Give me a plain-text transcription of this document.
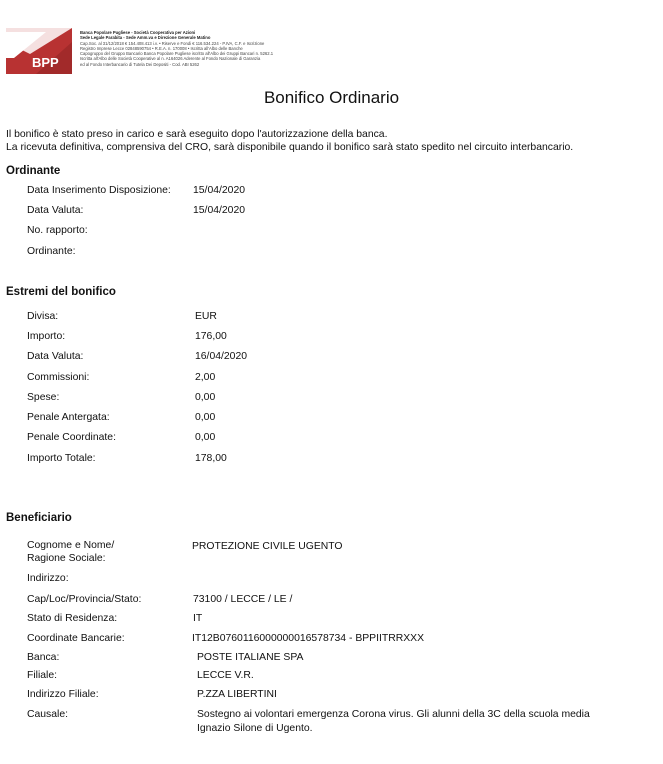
BPP
Banca Popolare Pugliese - Società Cooperativa per Azioni
Sede Legale Parabita - Sede Amm.va e Direzione Generale Matino
Cap.Soc. al 31/12/2018 € 154.408.413 i.v. • Riserve e Fondi € 116.534.224 - P.IVA, C.F. e Iscrizione
Registro Imprese Lecce 02848590754 • R.E.A. n. 170008 • Iscritta all'Albo delle Banche
Capogruppo del Gruppo Bancario Banca Popolare Pugliese iscritto all'Albo dei Gruppi Bancari n. 5262.1
Iscritta all'Albo delle Società Cooperative al n. A164026 Aderente al Fondo Nazionale di Garanzia
ed al Fondo Interbancario di Tutela Dei Depositi - Cod. ABI 5262
Bonifico Ordinario
Il bonifico è stato preso in carico e sarà eseguito dopo l'autorizzazione della banca.
La ricevuta definitiva, comprensiva del CRO, sarà disponibile quando il bonifico sarà stato spedito nel circuito interbancario.
Ordinante
Data Inserimento Disposizione: 15/04/2020
Data Valuta:	15/04/2020
No. rapporto:
Ordinante:
Estremi del bonifico
Divisa:	EUR
Importo:	176,00
Data Valuta:	16/04/2020
Commissioni:	2,00
Spese:	0,00
Penale Antergata:	0,00
Penale Coordinate:	0,00
Importo Totale:	178,00
Beneficiario
Cognome e Nome/
Ragione Sociale:
PROTEZIONE CIVILE UGENTO
Indirizzo:
Cap/Loc/Provincia/Stato:	73100 / LECCE / LE /
Stato di Residenza:	IT
Coordinate Bancarie:	IT12B0760116000000016578734 - BPPIITRRXXX
Banca:	POSTE ITALIANE SPA
Filiale:	LECCE V.R.
Indirizzo Filiale:	P.ZZA LIBERTINI
Causale:	Sostegno ai volontari emergenza Corona virus. Gli alunni della 3C della scuola media
Ignazio Silone di Ugento.
